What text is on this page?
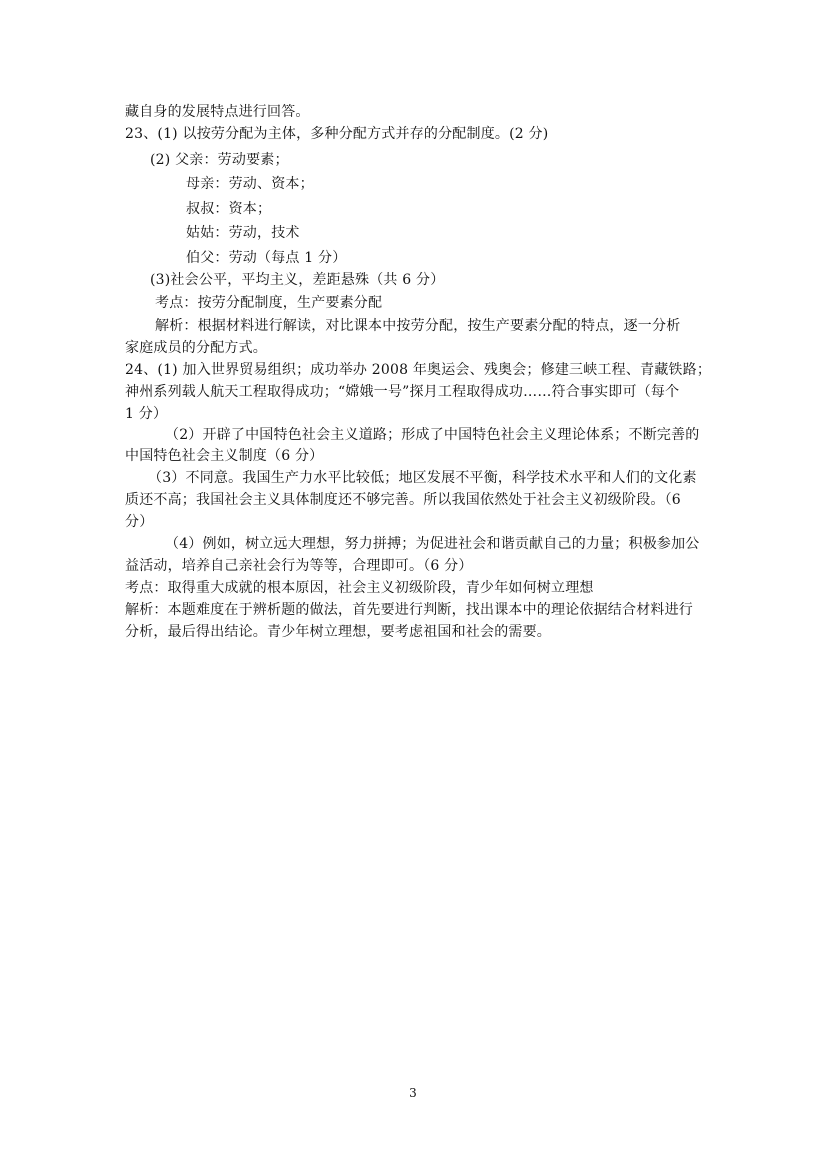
藏自身的发展特点进行回答。
23、(1) 以按劳分配为主体，多种分配方式并存的分配制度。(2 分)
(2) 父亲：劳动要素；
母亲：劳动、资本；
叔叔：资本；
姑姑：劳动，技术
伯父：劳动（每点 1 分）
(3)社会公平，平均主义，差距悬殊（共 6 分）
考点：按劳分配制度，生产要素分配
解析：根据材料进行解读，对比课本中按劳分配，按生产要素分配的特点，逐一分析
家庭成员的分配方式。
24、(1) 加入世界贸易组织；成功举办 2008 年奥运会、残奥会；修建三峡工程、青藏铁路；
神州系列载人航天工程取得成功；“嫦娥一号”探月工程取得成功……符合事实即可（每个
1 分）
（2）开辟了中国特色社会主义道路；形成了中国特色社会主义理论体系；不断完善的
中国特色社会主义制度（6 分）
（3）不同意。我国生产力水平比较低；地区发展不平衡，科学技术水平和人们的文化素
质还不高；我国社会主义具体制度还不够完善。所以我国依然处于社会主义初级阶段。（6
分）
（4）例如，树立远大理想，努力拼搏；为促进社会和谐贡献自己的力量；积极参加公
益活动，培养自己亲社会行为等等，合理即可。（6 分）
考点：取得重大成就的根本原因，社会主义初级阶段，青少年如何树立理想
解析：本题难度在于辨析题的做法，首先要进行判断，找出课本中的理论依据结合材料进行
分析，最后得出结论。青少年树立理想，要考虑祖国和社会的需要。
3
